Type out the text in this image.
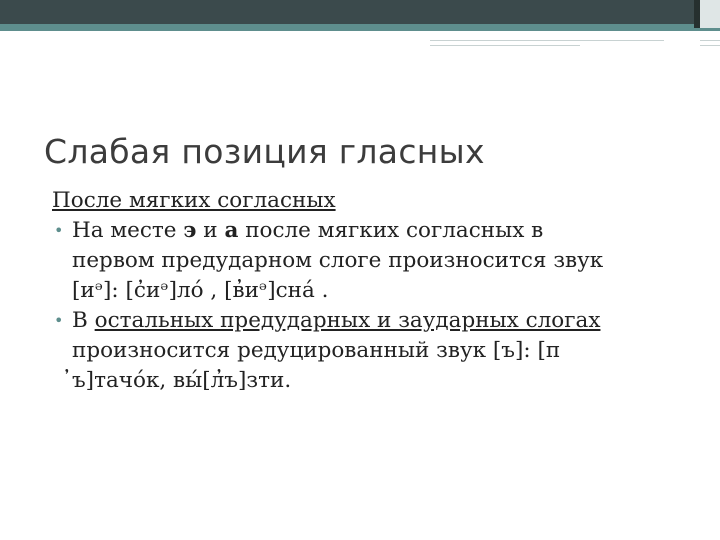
Слабая позиция гласных

После мягких согласных

• На месте э и а после мягких согласных в
первом предударном слоге произносится звук
[иᵊ]: [с̓иᵊ]ло́ , [в̓иᵊ]сна́ .
• В остальных предударных и заударных слогах
произносится редуцированный звук [ъ]: [п
̓ъ]тачо́к, вы́[л̓ъ]зти.
